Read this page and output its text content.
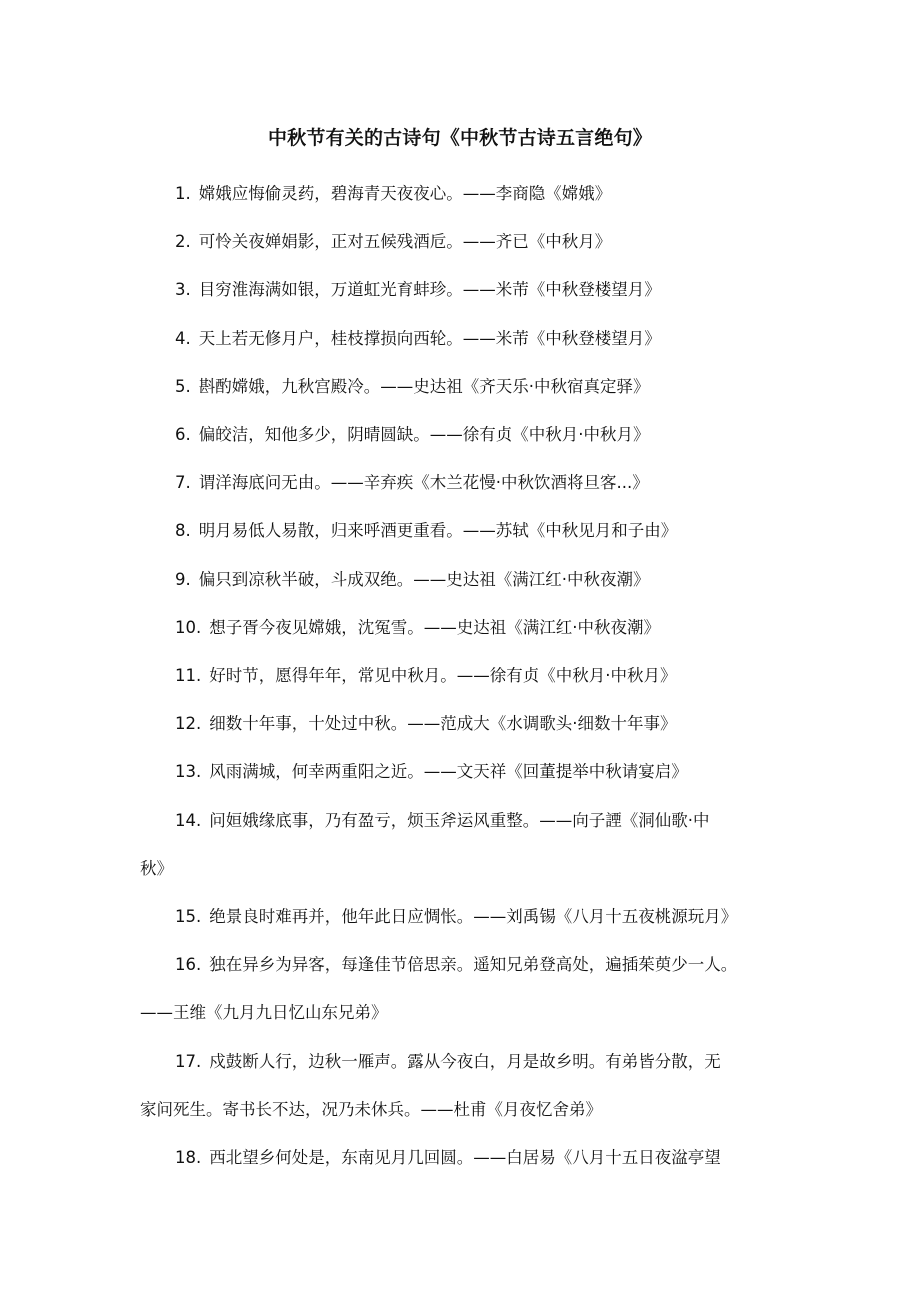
中秋节有关的古诗句《中秋节古诗五言绝句》
1. 嫦娥应悔偷灵药，碧海青天夜夜心。——李商隐《嫦娥》
2. 可怜关夜婵娟影，正对五候残酒卮。——齐已《中秋月》
3. 目穷淮海满如银，万道虹光育蚌珍。——米芾《中秋登楼望月》
4. 天上若无修月户，桂枝撑损向西轮。——米芾《中秋登楼望月》
5. 斟酌嫦娥，九秋宫殿冷。——史达祖《齐天乐·中秋宿真定驿》
6. 偏皎洁，知他多少，阴晴圆缺。——徐有贞《中秋月·中秋月》
7. 谓洋海底问无由。——辛弃疾《木兰花慢·中秋饮酒将旦客...》
8. 明月易低人易散，归来呼酒更重看。——苏轼《中秋见月和子由》
9. 偏只到凉秋半破，斗成双绝。——史达祖《满江红·中秋夜潮》
10. 想子胥今夜见嫦娥，沈冤雪。——史达祖《满江红·中秋夜潮》
11. 好时节，愿得年年，常见中秋月。——徐有贞《中秋月·中秋月》
12. 细数十年事，十处过中秋。——范成大《水调歌头·细数十年事》
13. 风雨满城，何幸两重阳之近。——文天祥《回董提举中秋请宴启》
14. 问姮娥缘底事，乃有盈亏，烦玉斧运风重整。——向子諲《洞仙歌·中
秋》
15. 绝景良时难再并，他年此日应惆怅。——刘禹锡《八月十五夜桃源玩月》
16. 独在异乡为异客，每逢佳节倍思亲。遥知兄弟登高处，遍插茱萸少一人。
——王维《九月九日忆山东兄弟》
17. 戍鼓断人行，边秋一雁声。露从今夜白，月是故乡明。有弟皆分散，无
家问死生。寄书长不达，况乃未休兵。——杜甫《月夜忆舍弟》
18. 西北望乡何处是，东南见月几回圆。——白居易《八月十五日夜湓亭望
